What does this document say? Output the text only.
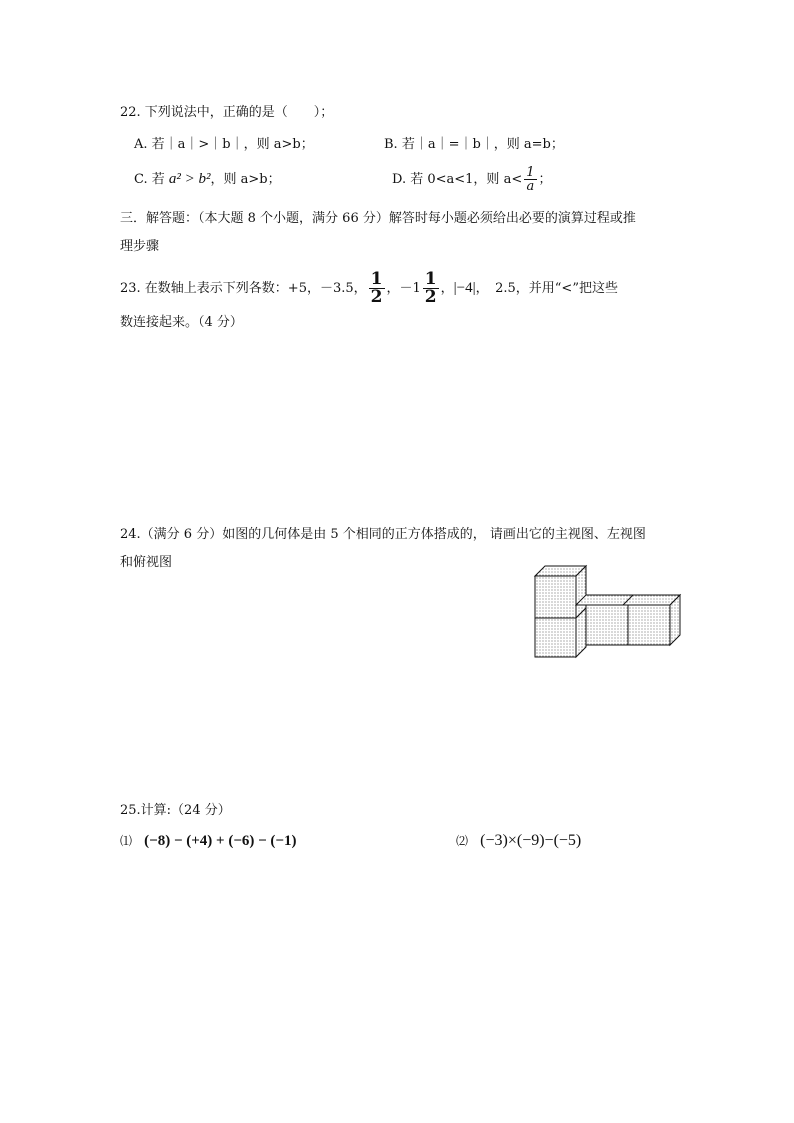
22. 下列说法中，正确的是（　　）；
A. 若｜a｜>｜b｜，则 a>b；	B. 若｜a｜=｜b｜，则 a=b；
C. 若 a² > b²，则 a>b；	D. 若 0<a<1，则 $a< \frac{1}{a}$ ；
三．解答题：（本大题 8 个小题，满分 66 分）解答时每小题必须给出必要的演算过程或推
理步骤
23. 在数轴上表示下列各数：+5，－3.5， $\frac{1}{2}$ ，$-1 \frac{1}{2}$ ，|−4|，　2.5，并用“<”把这些
数连接起来。（4 分）
24.（满分 6 分）如图的几何体是由 5 个相同的正方体搭成的， 请画出它的主视图、左视图
和俯视图
25.计算:（24 分）
⑴ (−8) − (+4) + (−6) − (−1)	⑵ (−3)×(−9)−(−5)
